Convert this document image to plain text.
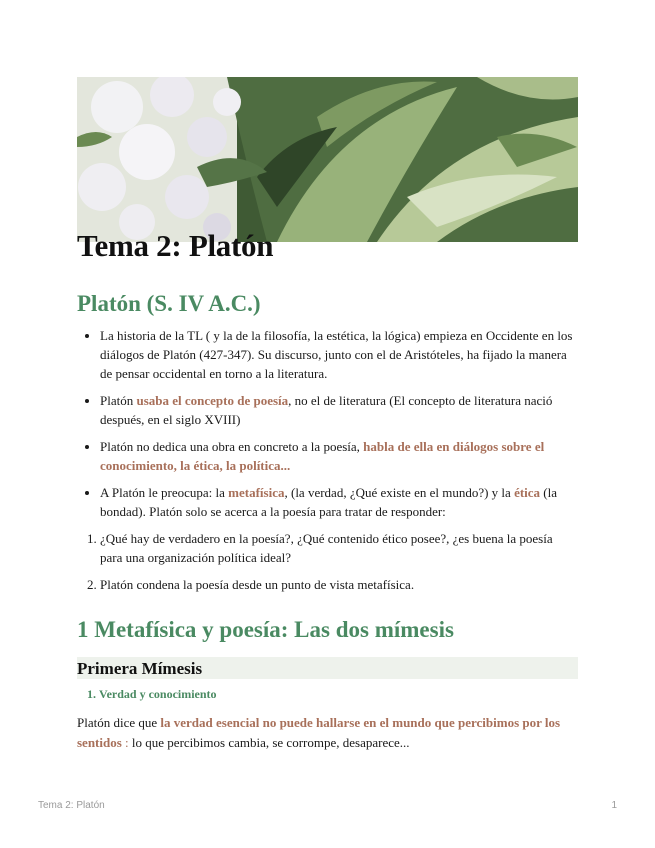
Tema 2: Platón
Platón (S. IV A.C.)
• La historia de la TL ( y la de la filosofía, la estética, la lógica) empieza en Occidente en los diálogos de Platón (427-347). Su discurso, junto con el de Aristóteles, ha fijado la manera de pensar occidental en torno a la literatura.
• Platón usaba el concepto de poesía, no el de literatura (El concepto de literatura nació después, en el siglo XVIII)
• Platón no dedica una obra en concreto a la poesía, habla de ella en diálogos sobre el conocimiento, la ética, la política...
• A Platón le preocupa: la metafísica, (la verdad, ¿Qué existe en el mundo?) y la ética (la bondad). Platón solo se acerca a la poesía para tratar de responder:
1. ¿Qué hay de verdadero en la poesía?, ¿Qué contenido ético posee?, ¿es buena la poesía para una organización política ideal?
2. Platón condena la poesía desde un punto de vista metafísica.
1 Metafísica y poesía: Las dos mímesis
Primera Mímesis
1. Verdad y conocimiento

Platón dice que la verdad esencial no puede hallarse en el mundo que percibimos por los sentidos : lo que percibimos cambia, se corrompe, desaparece...

Tema 2: Platón	1
